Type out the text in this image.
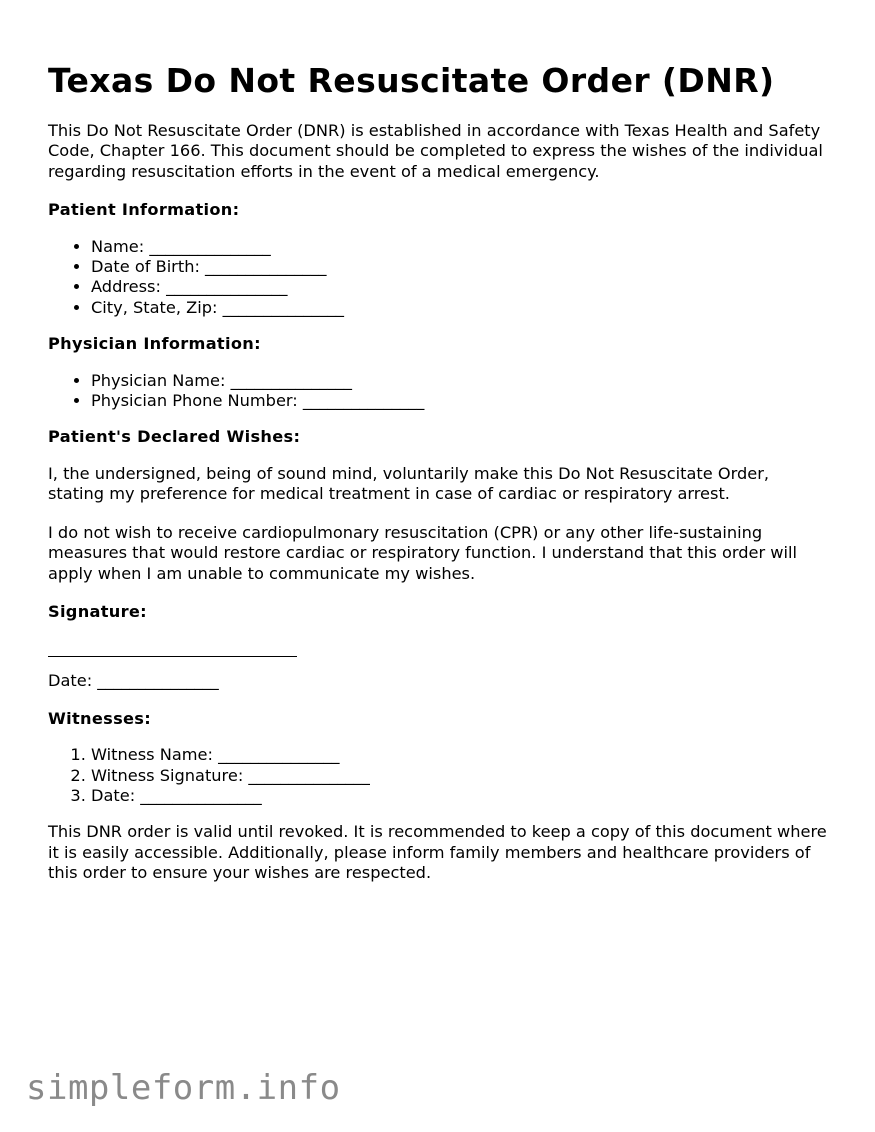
Texas Do Not Resuscitate Order (DNR)

This Do Not Resuscitate Order (DNR) is established in accordance with Texas Health and Safety Code, Chapter 166. This document should be completed to express the wishes of the individual regarding resuscitation efforts in the event of a medical emergency.

Patient Information:
• Name: _______________
• Date of Birth: _______________
• Address: _______________
• City, State, Zip: _______________
Physician Information:
• Physician Name: _______________
• Physician Phone Number: _______________
Patient's Declared Wishes:

I, the undersigned, being of sound mind, voluntarily make this Do Not Resuscitate Order, stating my preference for medical treatment in case of cardiac or respiratory arrest.

I do not wish to receive cardiopulmonary resuscitation (CPR) or any other life-sustaining measures that would restore cardiac or respiratory function. I understand that this order will apply when I am unable to communicate my wishes.

Signature:

Date: _______________

Witnesses:
1. Witness Name: _______________
2. Witness Signature: _______________
3. Date: _______________

This DNR order is valid until revoked. It is recommended to keep a copy of this document where it is easily accessible. Additionally, please inform family members and healthcare providers of this order to ensure your wishes are respected.

simpleform.info
